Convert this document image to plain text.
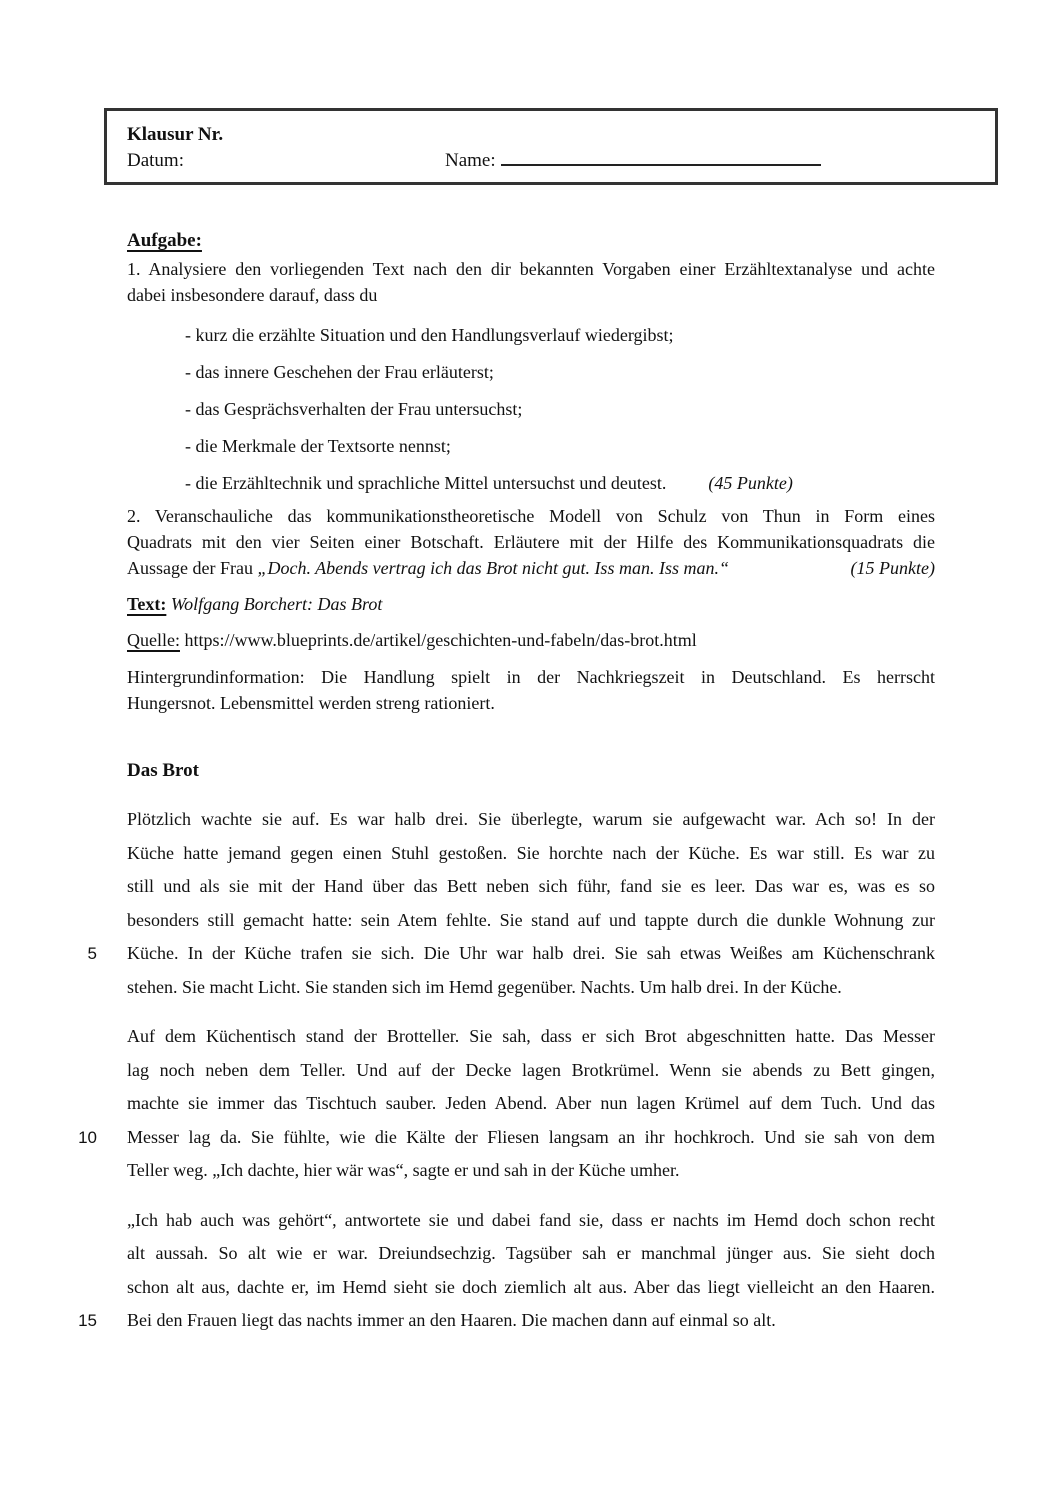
Klausur Nr.
Datum:	Name:
Aufgabe:
1. Analysiere den vorliegenden Text nach den dir bekannten Vorgaben einer Erzähltextanalyse und achte
dabei insbesondere darauf, dass du
- kurz die erzählte Situation und den Handlungsverlauf wiedergibst;
- das innere Geschehen der Frau erläuterst;
- das Gesprächsverhalten der Frau untersuchst;
- die Merkmale der Textsorte nennst;
- die Erzähltechnik und sprachliche Mittel untersuchst und deutest. (45 Punkte)
2. Veranschauliche das kommunikationstheoretische Modell von Schulz von Thun in Form eines
Quadrats mit den vier Seiten einer Botschaft. Erläutere mit der Hilfe des Kommunikationsquadrats die
Aussage der Frau „Doch. Abends vertrag ich das Brot nicht gut. Iss man. Iss man.“	(15 Punkte)
Text: Wolfgang Borchert: Das Brot
Quelle: https://www.blueprints.de/artikel/geschichten-und-fabeln/das-brot.html
Hintergrundinformation: Die Handlung spielt in der Nachkriegszeit in Deutschland. Es herrscht
Hungersnot. Lebensmittel werden streng rationiert.
Das Brot
Plötzlich wachte sie auf. Es war halb drei. Sie überlegte, warum sie aufgewacht war. Ach so! In der
Küche hatte jemand gegen einen Stuhl gestoßen. Sie horchte nach der Küche. Es war still. Es war zu
still und als sie mit der Hand über das Bett neben sich führ, fand sie es leer. Das war es, was es so
besonders still gemacht hatte: sein Atem fehlte. Sie stand auf und tappte durch die dunkle Wohnung zur
5 Küche. In der Küche trafen sie sich. Die Uhr war halb drei. Sie sah etwas Weißes am Küchenschrank
stehen. Sie macht Licht. Sie standen sich im Hemd gegenüber. Nachts. Um halb drei. In der Küche.
Auf dem Küchentisch stand der Brotteller. Sie sah, dass er sich Brot abgeschnitten hatte. Das Messer
lag noch neben dem Teller. Und auf der Decke lagen Brotkrümel. Wenn sie abends zu Bett gingen,
machte sie immer das Tischtuch sauber. Jeden Abend. Aber nun lagen Krümel auf dem Tuch. Und das
10 Messer lag da. Sie fühlte, wie die Kälte der Fliesen langsam an ihr hochkroch. Und sie sah von dem
Teller weg. „Ich dachte, hier wär was“, sagte er und sah in der Küche umher.
„Ich hab auch was gehört“, antwortete sie und dabei fand sie, dass er nachts im Hemd doch schon recht
alt aussah. So alt wie er war. Dreiundsechzig. Tagsüber sah er manchmal jünger aus. Sie sieht doch
schon alt aus, dachte er, im Hemd sieht sie doch ziemlich alt aus. Aber das liegt vielleicht an den Haaren.
15 Bei den Frauen liegt das nachts immer an den Haaren. Die machen dann auf einmal so alt.
